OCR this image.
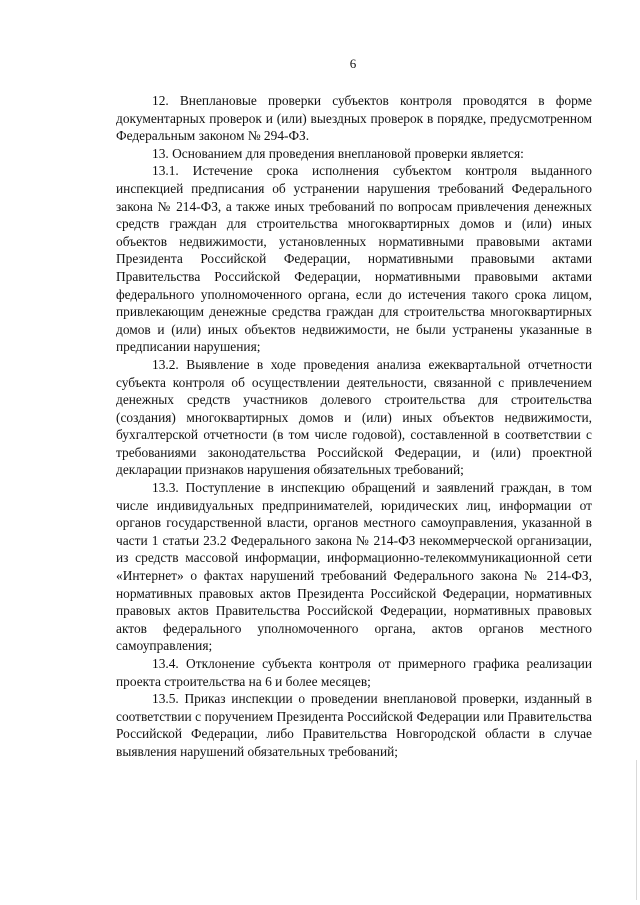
6

12. Внеплановые проверки субъектов контроля проводятся в форме документарных проверок и (или) выездных проверок в порядке, предусмотренном Федеральным законом № 294-ФЗ.

13. Основанием для проведения внеплановой проверки является:

13.1. Истечение срока исполнения субъектом контроля выданного инспекцией предписания об устранении нарушения требований Федерального закона № 214-ФЗ, а также иных требований по вопросам привлечения денежных средств граждан для строительства многоквартирных домов и (или) иных объектов недвижимости, установленных нормативными правовыми актами Президента Российской Федерации, нормативными правовыми актами Правительства Российской Федерации, нормативными правовыми актами федерального уполномоченного органа, если до истечения такого срока лицом, привлекающим денежные средства граждан для строительства многоквартирных домов и (или) иных объектов недвижимости, не были устранены указанные в предписании нарушения;

13.2. Выявление в ходе проведения анализа ежеквартальной отчетности субъекта контроля об осуществлении деятельности, связанной с привлечением денежных средств участников долевого строительства для строительства (создания) многоквартирных домов и (или) иных объектов недвижимости, бухгалтерской отчетности (в том числе годовой), составленной в соответствии с требованиями законодательства Российской Федерации, и (или) проектной декларации признаков нарушения обязательных требований;

13.3. Поступление в инспекцию обращений и заявлений граждан, в том числе индивидуальных предпринимателей, юридических лиц, информации от органов государственной власти, органов местного самоуправления, указанной в части 1 статьи 23.2 Федерального закона № 214-ФЗ некоммерческой организации, из средств массовой информации, информационно-телекоммуникационной сети «Интернет» о фактах нарушений требований Федерального закона № 214-ФЗ, нормативных правовых актов Президента Российской Федерации, нормативных правовых актов Правительства Российской Федерации, нормативных правовых актов федерального уполномоченного органа, актов органов местного самоуправления;

13.4. Отклонение субъекта контроля от примерного графика реализации проекта строительства на 6 и более месяцев;

13.5. Приказ инспекции о проведении внеплановой проверки, изданный в соответствии с поручением Президента Российской Федерации или Правительства Российской Федерации, либо Правительства Новгородской области в случае выявления нарушений обязательных требований;
